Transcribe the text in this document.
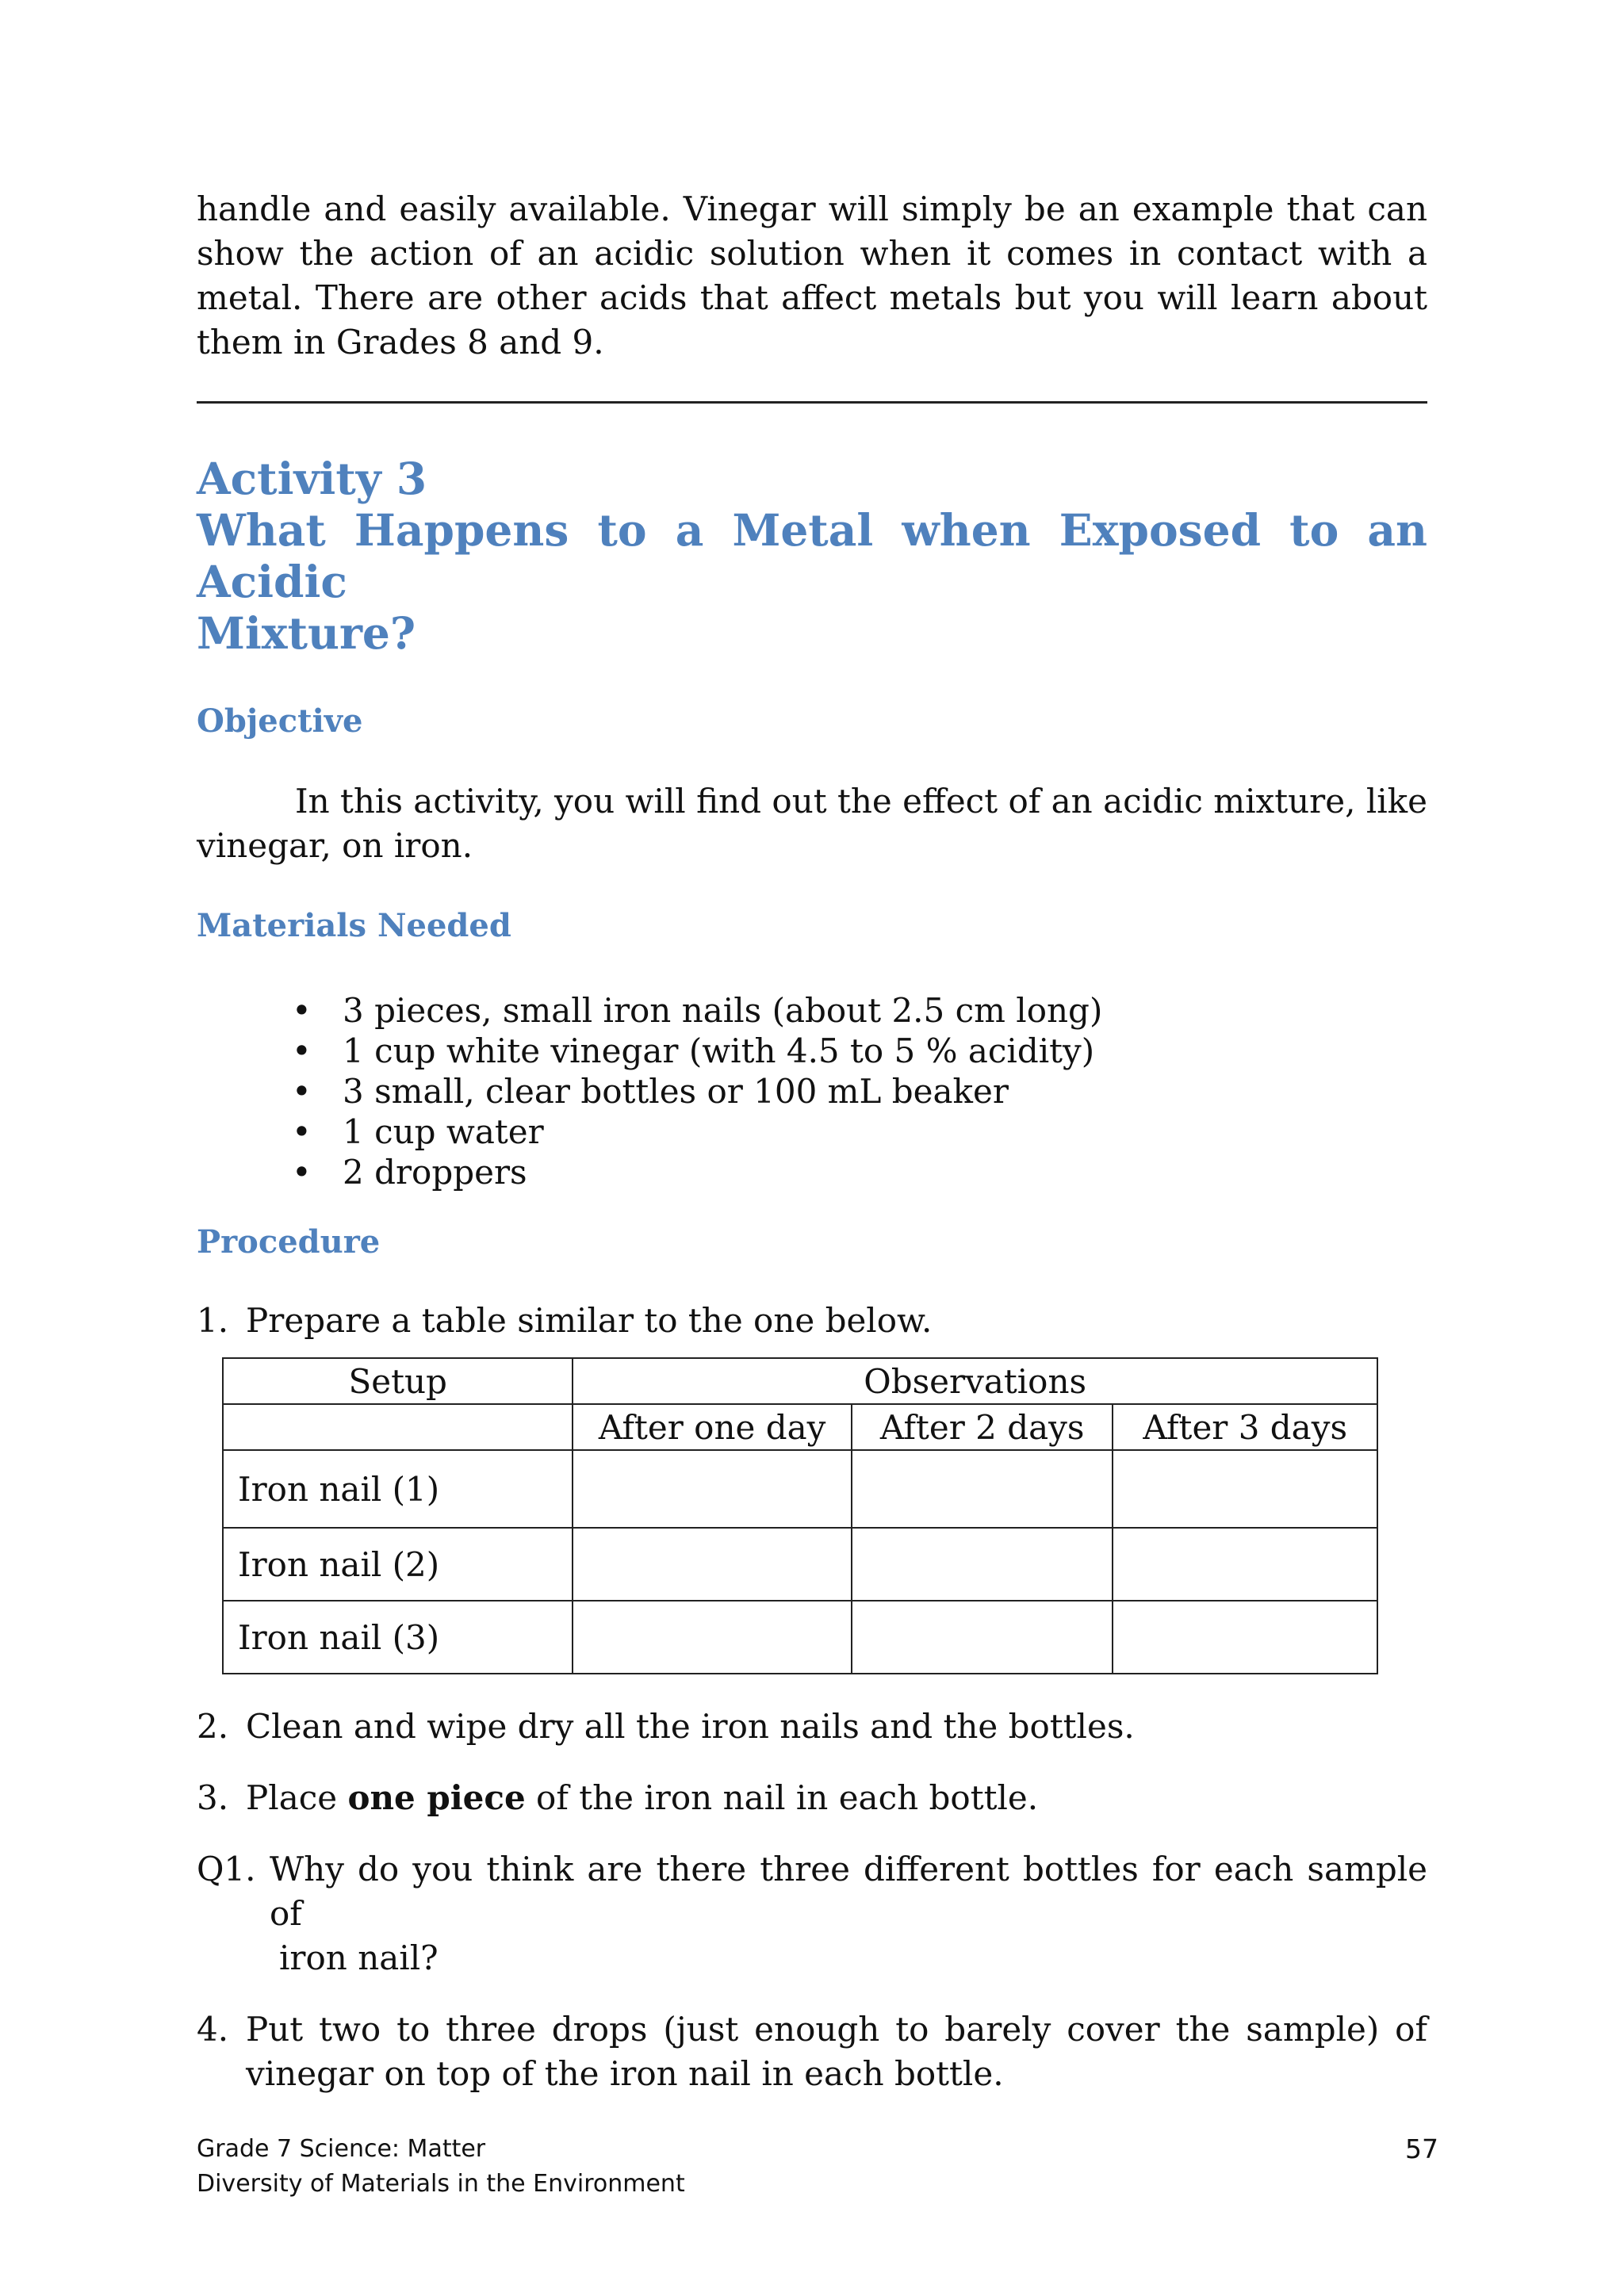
handle and easily available. Vinegar will simply be an example that can show the action of an acidic solution when it comes in contact with a metal. There are other acids that affect metals but you will learn about them in Grades 8 and 9.

Activity 3
What Happens to a Metal when Exposed to an Acidic
Mixture?
Objective

In this activity, you will find out the effect of an acidic mixture, like vinegar, on iron.

Materials Needed
• 3 pieces, small iron nails (about 2.5 cm long)
• 1 cup white vinegar (with 4.5 to 5 % acidity)
• 3 small, clear bottles or 100 mL beaker
• 1 cup water
• 2 droppers
Procedure

1. Prepare a table similar to the one below.

Setup	Observations		
	After one day	After 2 days	After 3 days
Iron nail (1)			
Iron nail (2)			
Iron nail (3)			

2. Clean and wipe dry all the iron nails and the bottles.

3. Place one piece of the iron nail in each bottle.

Q1. Why do you think are there three different bottles for each sample of
iron nail?

4. Put two to three drops (just enough to barely cover the sample) of vinegar on top of the iron nail in each bottle.

Grade 7 Science: Matter
Diversity of Materials in the Environment
57
